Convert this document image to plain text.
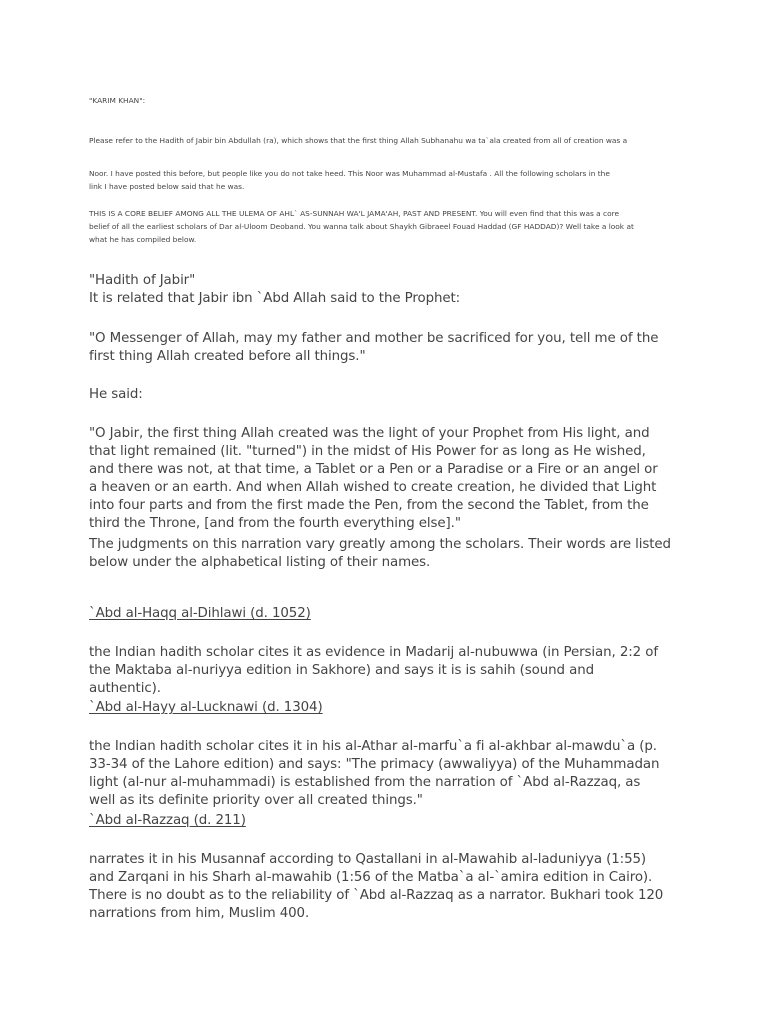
"KARIM KHAN":

Please refer to the Hadith of Jabir bin Abdullah (ra), which shows that the first thing Allah Subhanahu wa ta`ala created from all of creation was a

Noor. I have posted this before, but people like you do not take heed. This Noor was Muhammad al-Mustafa . All the following scholars in the

link I have posted below said that he was.

THIS IS A CORE BELIEF AMONG ALL THE ULEMA OF AHL` AS-SUNNAH WA'L JAMA'AH, PAST AND PRESENT. You will even find that this was a core

belief of all the earliest scholars of Dar al-Uloom Deoband. You wanna talk about Shaykh Gibraeel Fouad Haddad (GF HADDAD)? Well take a look at

what he has compiled below.

"Hadith of Jabir"

It is related that Jabir ibn `Abd Allah said to the Prophet:

"O Messenger of Allah, may my father and mother be sacrificed for you, tell me of the

first thing Allah created before all things."

He said:

"O Jabir, the first thing Allah created was the light of your Prophet from His light, and

that light remained (lit. "turned") in the midst of His Power for as long as He wished,

and there was not, at that time, a Tablet or a Pen or a Paradise or a Fire or an angel or

a heaven or an earth. And when Allah wished to create creation, he divided that Light

into four parts and from the first made the Pen, from the second the Tablet, from the

third the Throne, [and from the fourth everything else]."

The judgments on this narration vary greatly among the scholars. Their words are listed

below under the alphabetical listing of their names.

`Abd al-Haqq al-Dihlawi (d. 1052)

the Indian hadith scholar cites it as evidence in Madarij al-nubuwwa (in Persian, 2:2 of

the Maktaba al-nuriyya edition in Sakhore) and says it is is sahih (sound and

authentic).

`Abd al-Hayy al-Lucknawi (d. 1304)

the Indian hadith scholar cites it in his al-Athar al-marfu`a fi al-akhbar al-mawdu`a (p.

33-34 of the Lahore edition) and says: "The primacy (awwaliyya) of the Muhammadan

light (al-nur al-muhammadi) is established from the narration of `Abd al-Razzaq, as

well as its definite priority over all created things."

`Abd al-Razzaq (d. 211)

narrates it in his Musannaf according to Qastallani in al-Mawahib al-laduniyya (1:55)

and Zarqani in his Sharh al-mawahib (1:56 of the Matba`a al-`amira edition in Cairo).

There is no doubt as to the reliability of `Abd al-Razzaq as a narrator. Bukhari took 120

narrations from him, Muslim 400.
